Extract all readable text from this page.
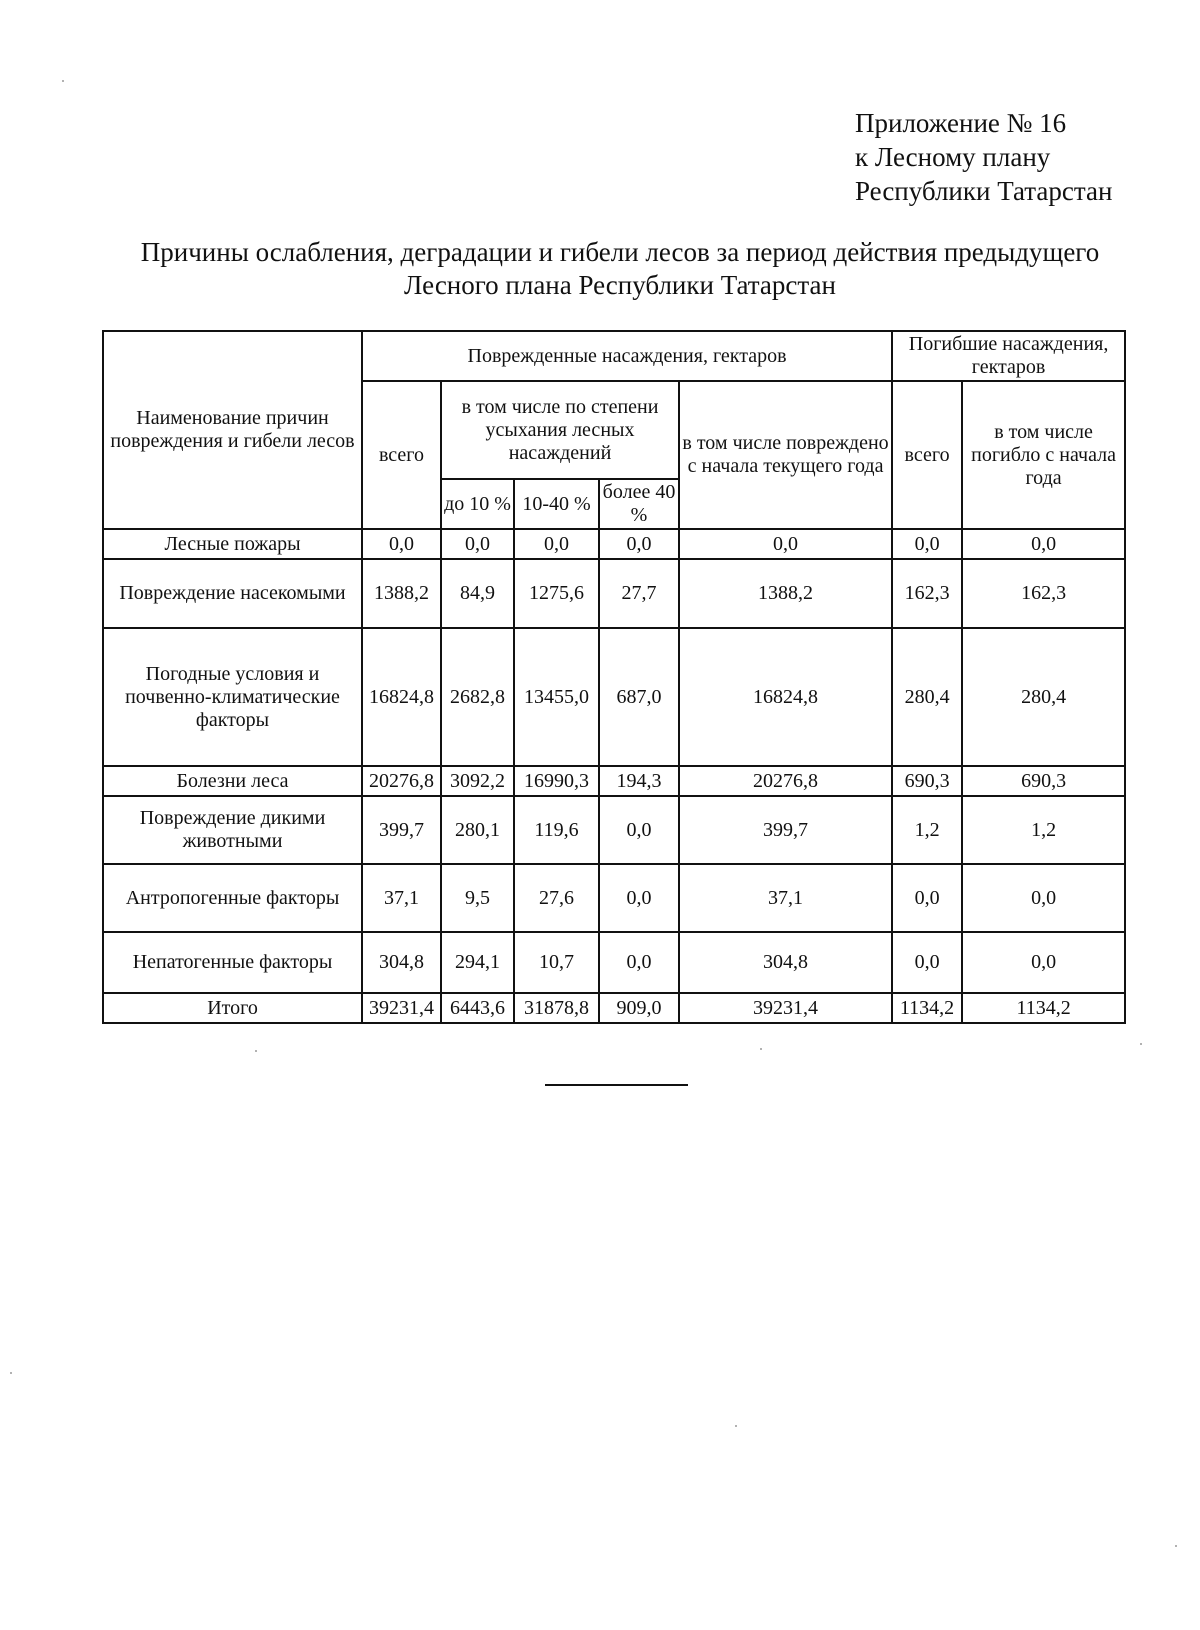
Приложение № 16
к Лесному плану
Республики Татарстан
Причины ослабления, деградации и гибели лесов за период действия предыдущего
Лесного плана Республики Татарстан
Наименование причин повреждения и гибели лесов	Поврежденные насаждения, гектаров					Погибшие насаждения, гектаров	
	всего	в том числе по степени усыхания лесных насаждений			в том числе повреждено с начала текущего года	всего	в том числе погибло с начала года
		до 10 %	10-40 %	более 40 %			
Лесные пожары	0,0	0,0	0,0	0,0	0,0	0,0	0,0
Повреждение насекомыми	1388,2	84,9	1275,6	27,7	1388,2	162,3	162,3
Погодные условия и почвенно-климатические факторы	16824,8	2682,8	13455,0	687,0	16824,8	280,4	280,4
Болезни леса	20276,8	3092,2	16990,3	194,3	20276,8	690,3	690,3
Повреждение дикими животными	399,7	280,1	119,6	0,0	399,7	1,2	1,2
Антропогенные факторы	37,1	9,5	27,6	0,0	37,1	0,0	0,0
Непатогенные факторы	304,8	294,1	10,7	0,0	304,8	0,0	0,0
Итого	39231,4	6443,6	31878,8	909,0	39231,4	1134,2	1134,2
